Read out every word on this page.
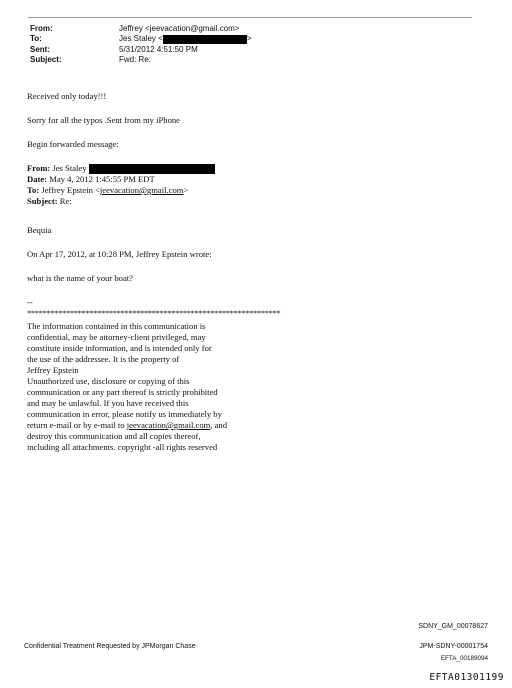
From:	Jeffrey <jeevacation@gmail.com>
To:	Jes Staley <	>
Sent:	5/31/2012 4:51:50 PM
Subject:	Fwd: Re:
Received only today!!!
Sorry for all the typos .Sent from my iPhone
Begin forwarded message:
From: Jes Staley
Date: May 4, 2012 1:45:55 PM EDT
To: Jeffrey Epstein <jeevacation@gmail.com>
Subject: Re:
Bequia
On Apr 17, 2012, at 10:28 PM, Jeffrey Epstein wrote:
what is the name of your boat?
--
*****************************************************************
The information contained in this communication is
confidential, may be attorney-client privileged, may
constitute inside information, and is intended only for
the use of the addressee. It is the property of
Jeffrey Epstein
Unauthorized use, disclosure or copying of this
communication or any part thereof is strictly prohibited
and may be unlawful. If you have received this
communication in error, please notify us immediately by
return e-mail or by e-mail to jeevacation@gmail.com, and
destroy this communication and all copies thereof,
including all attachments. copyright -all rights reserved
SDNY_GM_00078627
Confidential Treatment Requested by JPMorgan Chase	JPM-SDNY-00001754
EFTA_00189094
EFTA01301199
